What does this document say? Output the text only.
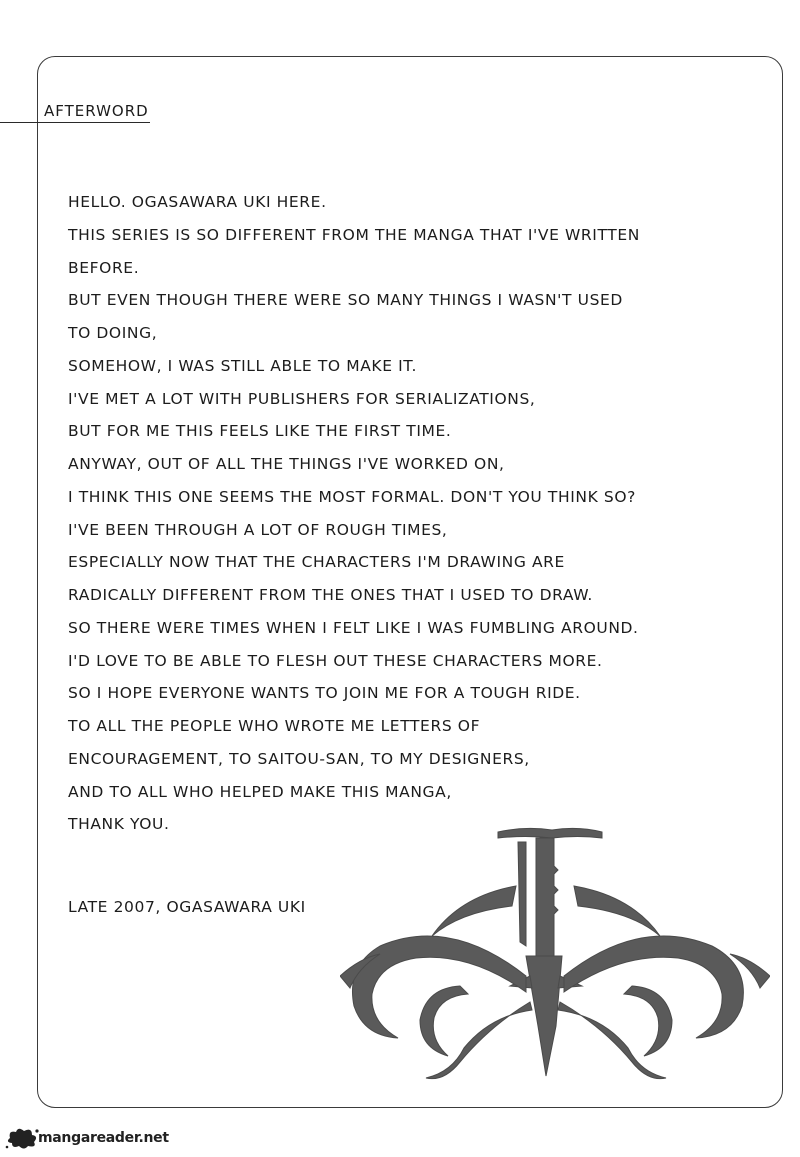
AFTERWORD
HELLO. OGASAWARA UKI HERE.
THIS SERIES IS SO DIFFERENT FROM THE MANGA THAT I'VE WRITTEN
BEFORE.
BUT EVEN THOUGH THERE WERE SO MANY THINGS I WASN'T USED
TO DOING,
SOMEHOW, I WAS STILL ABLE TO MAKE IT.
I'VE MET A LOT WITH PUBLISHERS FOR SERIALIZATIONS,
BUT FOR ME THIS FEELS LIKE THE FIRST TIME.
ANYWAY, OUT OF ALL THE THINGS I'VE WORKED ON,
I THINK THIS ONE SEEMS THE MOST FORMAL. DON'T YOU THINK SO?
I'VE BEEN THROUGH A LOT OF ROUGH TIMES,
ESPECIALLY NOW THAT THE CHARACTERS I'M DRAWING ARE
RADICALLY DIFFERENT FROM THE ONES THAT I USED TO DRAW.
SO THERE WERE TIMES WHEN I FELT LIKE I WAS FUMBLING AROUND.
I'D LOVE TO BE ABLE TO FLESH OUT THESE CHARACTERS MORE.
SO I HOPE EVERYONE WANTS TO JOIN ME FOR A TOUGH RIDE.
TO ALL THE PEOPLE WHO WROTE ME LETTERS OF
ENCOURAGEMENT, TO SAITOU-SAN, TO MY DESIGNERS,
AND TO ALL WHO HELPED MAKE THIS MANGA,
THANK YOU.
LATE 2007, OGASAWARA UKI
mangareader.net
